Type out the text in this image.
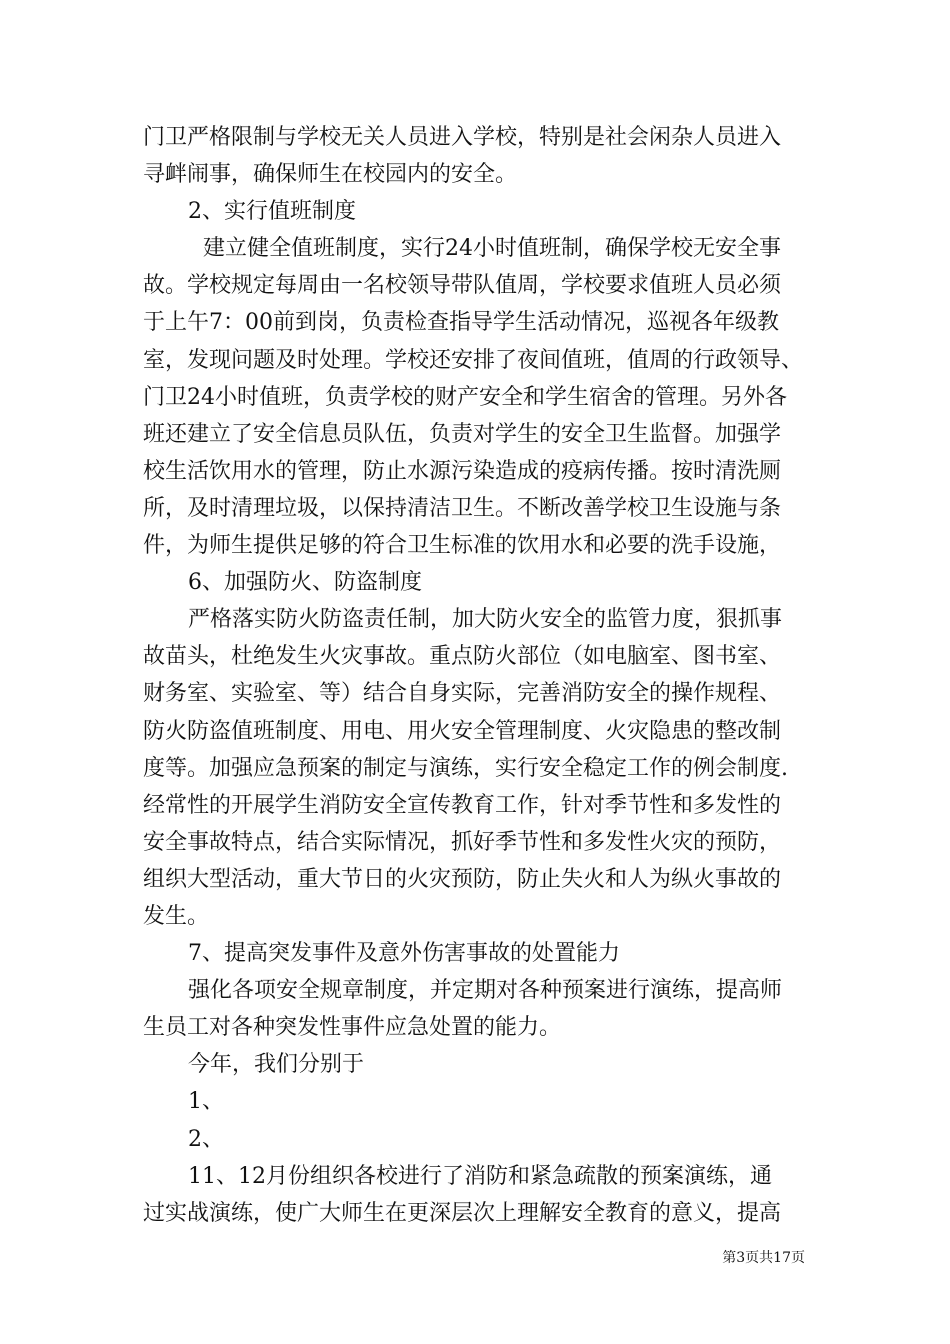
门卫严格限制与学校无关人员进入学校，特别是社会闲杂人员进入
寻衅闹事，确保师生在校园内的安全。
2、实行值班制度
建立健全值班制度，实行24小时值班制，确保学校无安全事
故。学校规定每周由一名校领导带队值周，学校要求值班人员必须
于上午7：00前到岗，负责检查指导学生活动情况，巡视各年级教
室，发现问题及时处理。学校还安排了夜间值班，值周的行政领导、
门卫24小时值班，负责学校的财产安全和学生宿舍的管理。另外各
班还建立了安全信息员队伍，负责对学生的安全卫生监督。加强学
校生活饮用水的管理，防止水源污染造成的疫病传播。按时清洗厕
所，及时清理垃圾，以保持清洁卫生。不断改善学校卫生设施与条
件，为师生提供足够的符合卫生标准的饮用水和必要的洗手设施，
6、加强防火、防盗制度
严格落实防火防盗责任制，加大防火安全的监管力度，狠抓事
故苗头，杜绝发生火灾事故。重点防火部位（如电脑室、图书室、
财务室、实验室、等）结合自身实际，完善消防安全的操作规程、
防火防盗值班制度、用电、用火安全管理制度、火灾隐患的整改制
度等。加强应急预案的制定与演练，实行安全稳定工作的例会制度.
经常性的开展学生消防安全宣传教育工作，针对季节性和多发性的
安全事故特点，结合实际情况，抓好季节性和多发性火灾的预防，
组织大型活动，重大节日的火灾预防，防止失火和人为纵火事故的
发生。
7、提高突发事件及意外伤害事故的处置能力
强化各项安全规章制度，并定期对各种预案进行演练，提高师
生员工对各种突发性事件应急处置的能力。
今年，我们分别于
1、
2、
11、12月份组织各校进行了消防和紧急疏散的预案演练，通
过实战演练，使广大师生在更深层次上理解安全教育的意义，提高
第3页共17页
